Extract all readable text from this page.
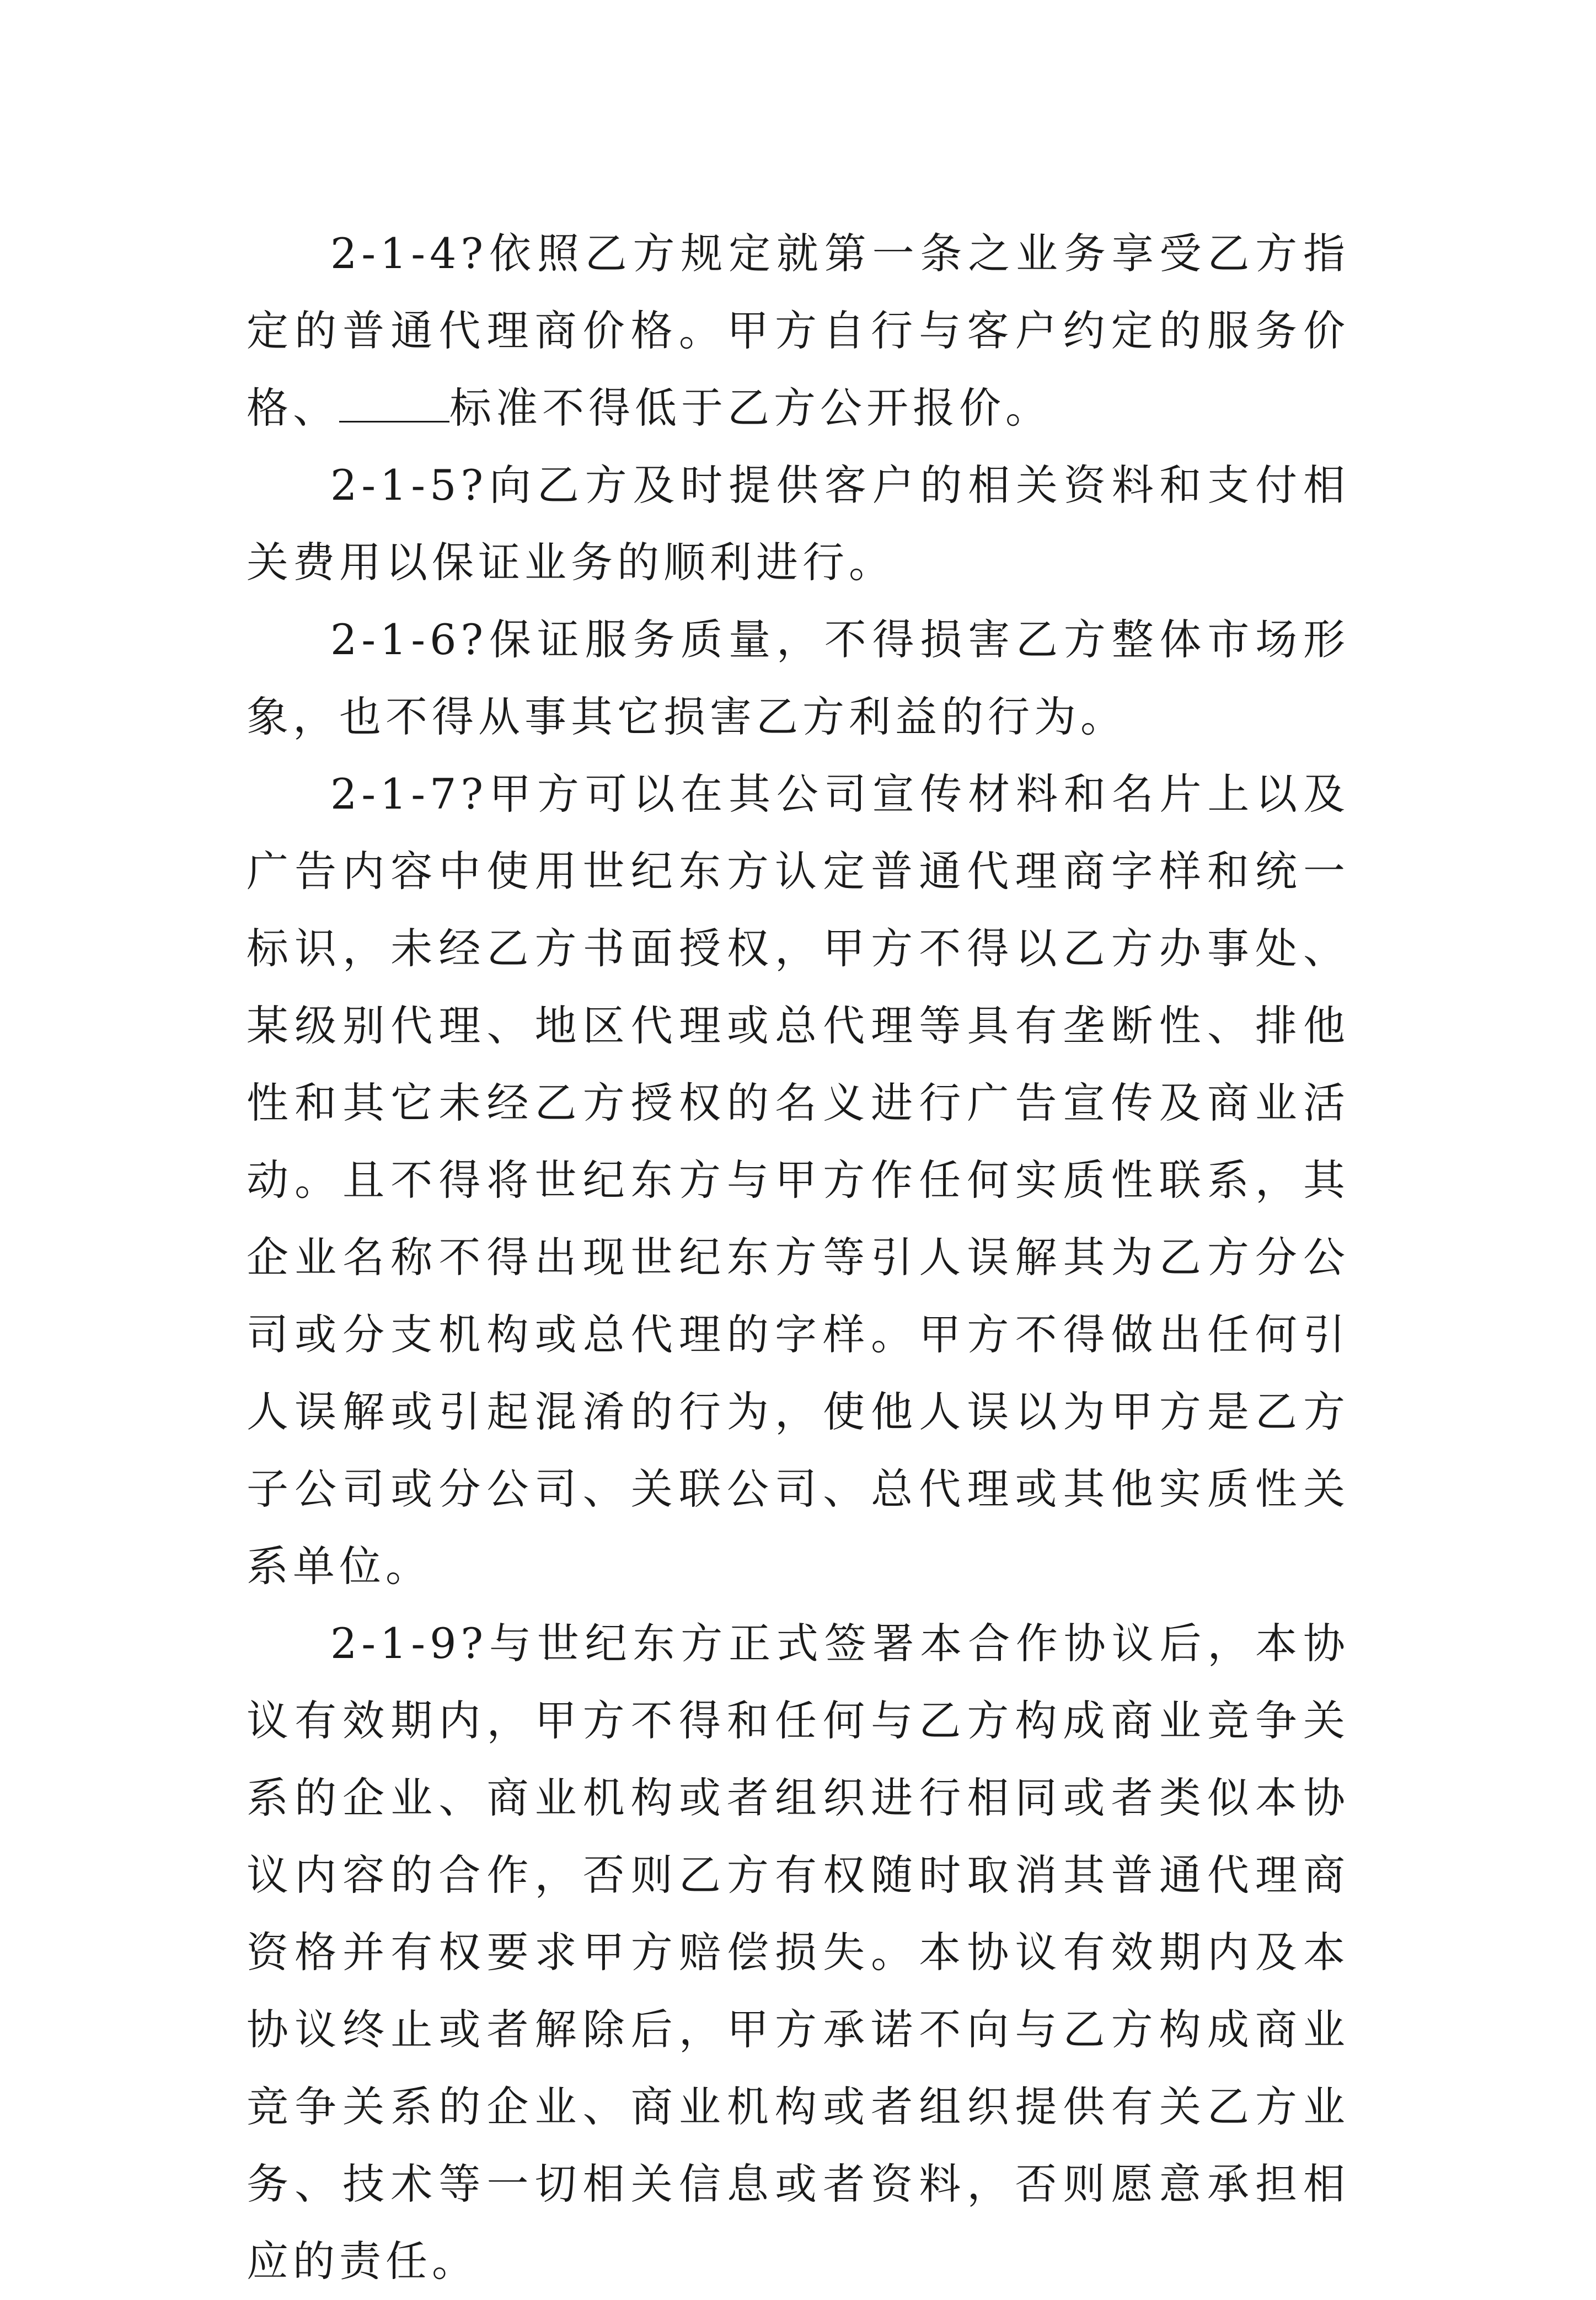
2-1-4?依照乙方规定就第一条之业务享受乙方指定的普通代理商价格。甲方自行与客户约定的服务价格、	标准不得低于乙方公开报价。

2-1-5?向乙方及时提供客户的相关资料和支付相关费用以保证业务的顺利进行。

2-1-6?保证服务质量，不得损害乙方整体市场形象，也不得从事其它损害乙方利益的行为。

2-1-7?甲方可以在其公司宣传材料和名片上以及广告内容中使用世纪东方认定普通代理商字样和统一标识，未经乙方书面授权，甲方不得以乙方办事处、某级别代理、地区代理或总代理等具有垄断性、排他性和其它未经乙方授权的名义进行广告宣传及商业活动。且不得将世纪东方与甲方作任何实质性联系，其企业名称不得出现世纪东方等引人误解其为乙方分公司或分支机构或总代理的字样。甲方不得做出任何引人误解或引起混淆的行为，使他人误以为甲方是乙方子公司或分公司、关联公司、总代理或其他实质性关系单位。

2-1-9?与世纪东方正式签署本合作协议后，本协议有效期内，甲方不得和任何与乙方构成商业竞争关系的企业、商业机构或者组织进行相同或者类似本协议内容的合作，否则乙方有权随时取消其普通代理商资格并有权要求甲方赔偿损失。本协议有效期内及本协议终止或者解除后，甲方承诺不向与乙方构成商业竞争关系的企业、商业机构或者组织提供有关乙方业务、技术等一切相关信息或者资料，否则愿意承担相应的责任。
